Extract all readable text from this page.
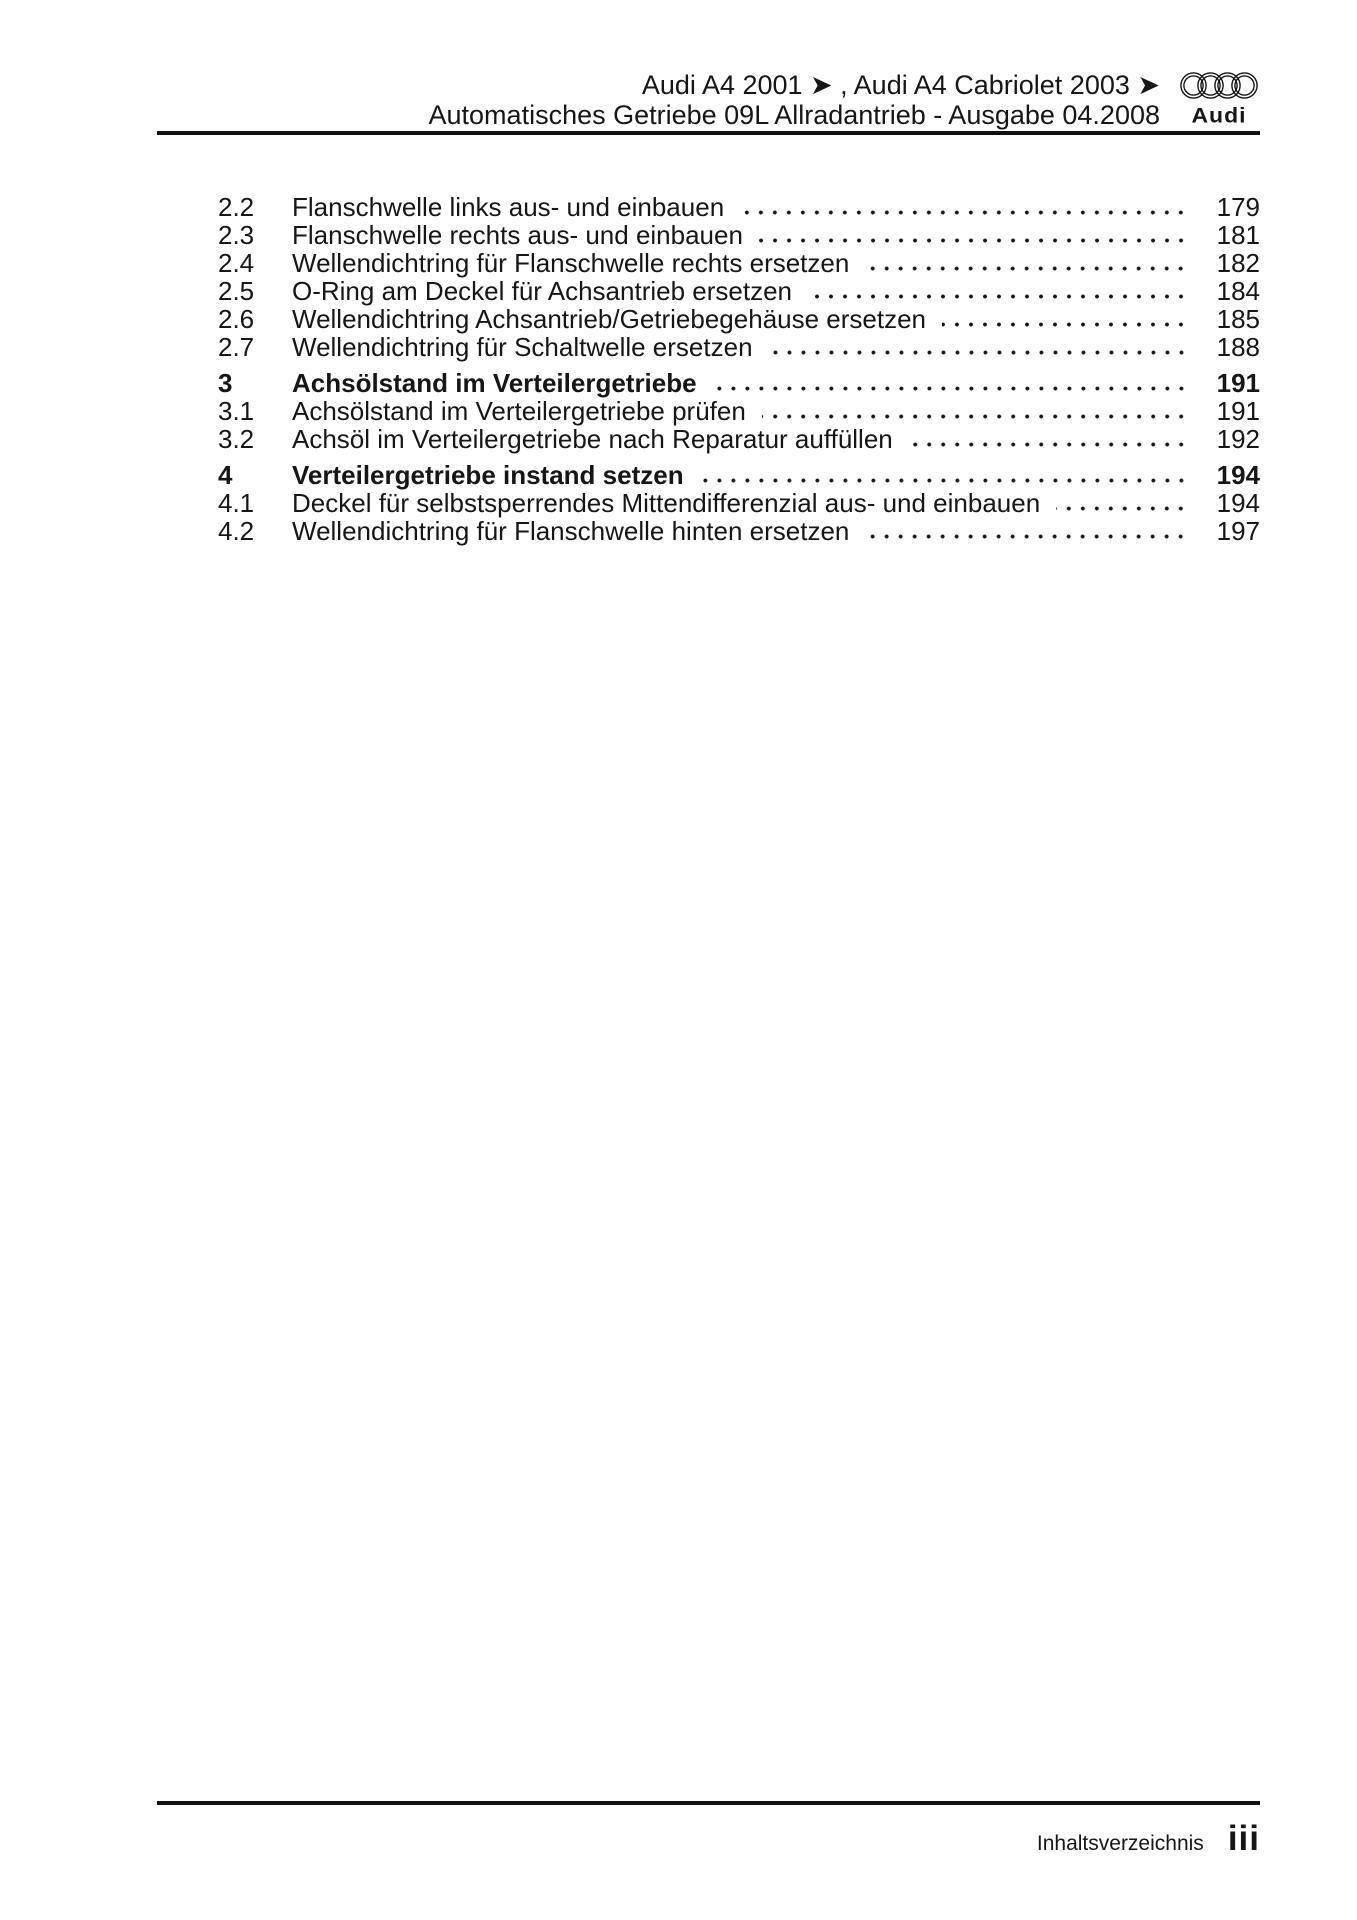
Audi A4 2001 ➤ , Audi A4 Cabriolet 2003 ➤
Automatisches Getriebe 09L Allradantrieb - Ausgabe 04.2008 Audi
2.2	Flanschwelle links aus- und einbauen	179
2.3	Flanschwelle rechts aus- und einbauen	181
2.4	Wellendichtring für Flanschwelle rechts ersetzen	182
2.5	O-Ring am Deckel für Achsantrieb ersetzen	184
2.6	Wellendichtring Achsantrieb/Getriebegehäuse ersetzen	185
2.7	Wellendichtring für Schaltwelle ersetzen	188
3	Achsölstand im Verteilergetriebe	191
3.1	Achsölstand im Verteilergetriebe prüfen	191
3.2	Achsöl im Verteilergetriebe nach Reparatur auffüllen	192
4	Verteilergetriebe instand setzen	194
4.1	Deckel für selbstsperrendes Mittendifferenzial aus- und einbauen	194
4.2	Wellendichtring für Flanschwelle hinten ersetzen	197
Inhaltsverzeichnis iii
